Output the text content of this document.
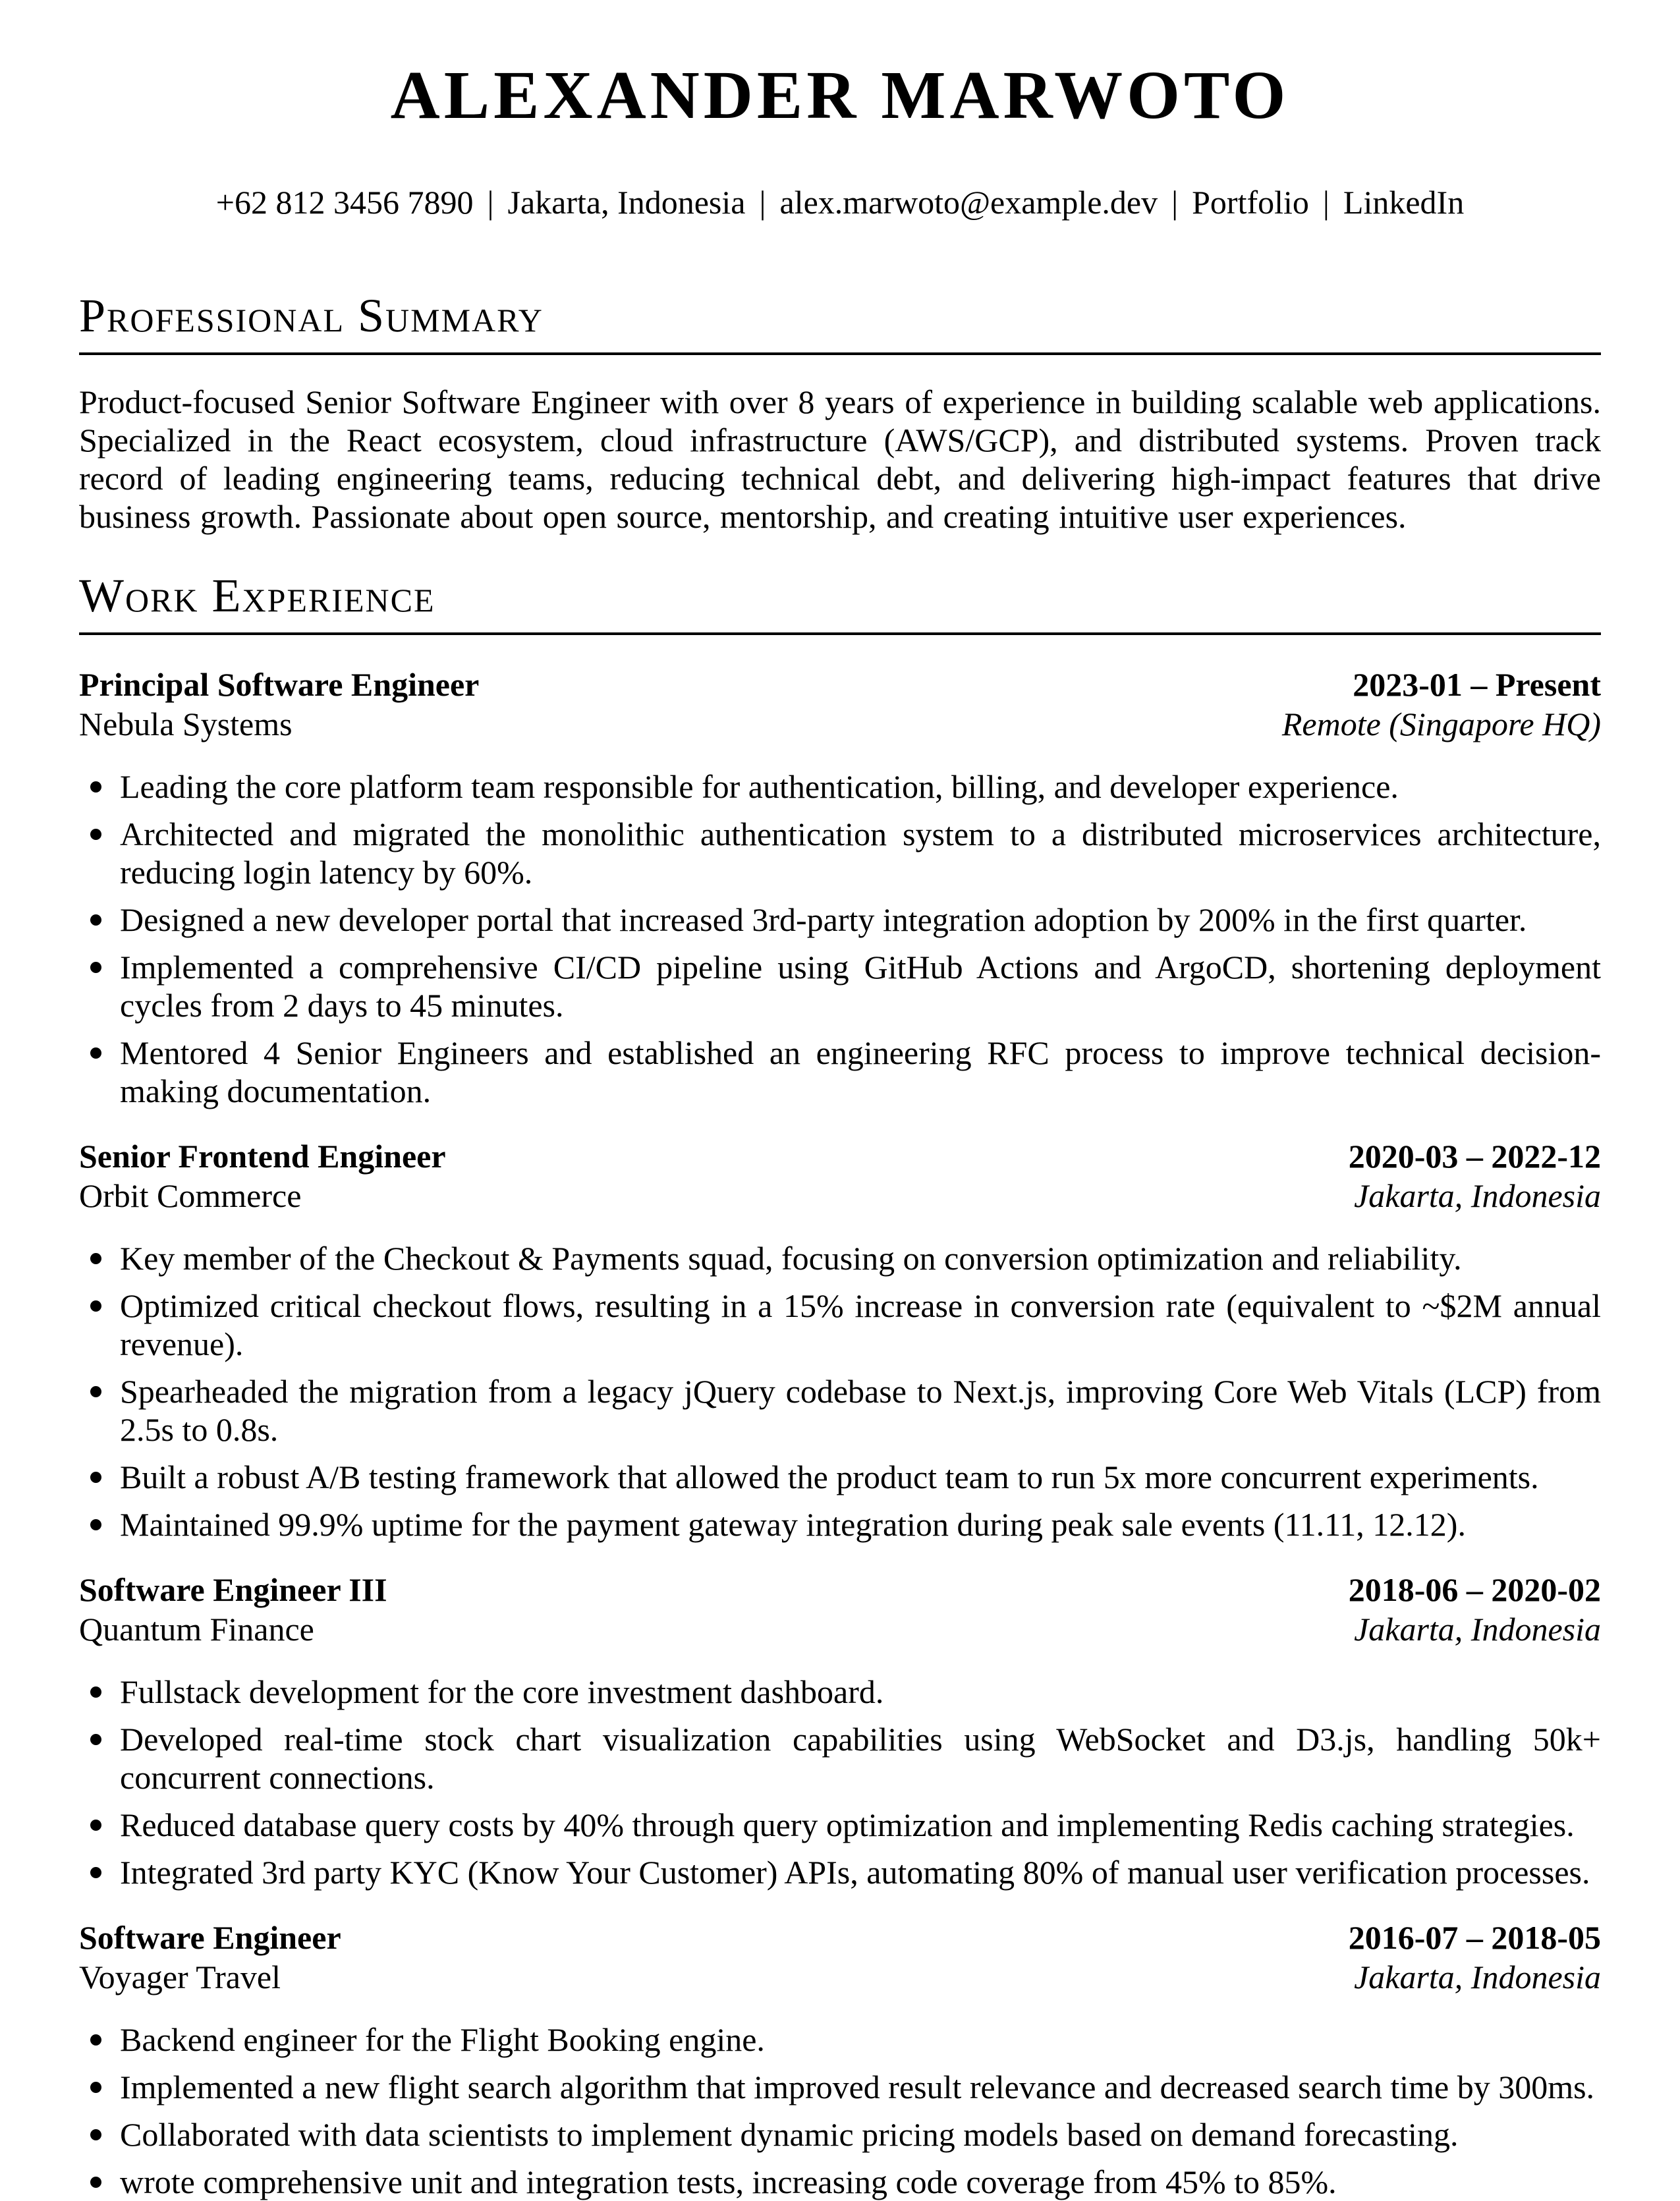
ALEXANDER MARWOTO
+62 812 3456 7890 | Jakarta, Indonesia | alex.marwoto@example.dev | Portfolio | LinkedIn
Professional Summary

Product-focused Senior Software Engineer with over 8 years of experience in building scalable web applications. Specialized in the React ecosystem, cloud infrastructure (AWS/GCP), and distributed systems. Proven track record of leading engineering teams, reducing technical debt, and delivering high-impact features that drive business growth. Passionate about open source, mentorship, and creating intuitive user experiences.

Work Experience
Principal Software Engineer	2023-01 – Present
Nebula Systems	Remote (Singapore HQ)
Leading the core platform team responsible for authentication, billing, and developer experience.
Architected and migrated the monolithic authentication system to a distributed microservices architecture, reducing login latency by 60%.
Designed a new developer portal that increased 3rd-party integration adoption by 200% in the first quarter.
Implemented a comprehensive CI/CD pipeline using GitHub Actions and ArgoCD, shortening deployment cycles from 2 days to 45 minutes.
Mentored 4 Senior Engineers and established an engineering RFC process to improve technical decision-making documentation.
Senior Frontend Engineer	2020-03 – 2022-12
Orbit Commerce	Jakarta, Indonesia
Key member of the Checkout & Payments squad, focusing on conversion optimization and reliability.
Optimized critical checkout flows, resulting in a 15% increase in conversion rate (equivalent to ~$2M annual revenue).
Spearheaded the migration from a legacy jQuery codebase to Next.js, improving Core Web Vitals (LCP) from 2.5s to 0.8s.
Built a robust A/B testing framework that allowed the product team to run 5x more concurrent experiments.
Maintained 99.9% uptime for the payment gateway integration during peak sale events (11.11, 12.12).
Software Engineer III	2018-06 – 2020-02
Quantum Finance	Jakarta, Indonesia
Fullstack development for the core investment dashboard.
Developed real-time stock chart visualization capabilities using WebSocket and D3.js, handling 50k+ concurrent connections.
Reduced database query costs by 40% through query optimization and implementing Redis caching strategies.
Integrated 3rd party KYC (Know Your Customer) APIs, automating 80% of manual user verification processes.
Software Engineer	2016-07 – 2018-05
Voyager Travel	Jakarta, Indonesia
Backend engineer for the Flight Booking engine.
Implemented a new flight search algorithm that improved result relevance and decreased search time by 300ms.
Collaborated with data scientists to implement dynamic pricing models based on demand forecasting.
wrote comprehensive unit and integration tests, increasing code coverage from 45% to 85%.
